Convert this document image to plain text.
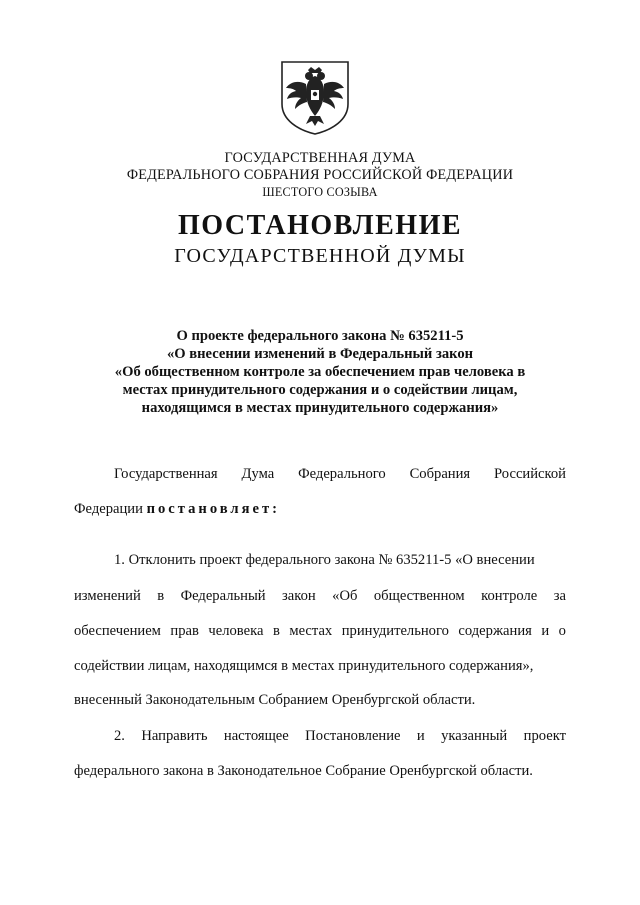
ГОСУДАРСТВЕННАЯ ДУМА
ФЕДЕРАЛЬНОГО СОБРАНИЯ РОССИЙСКОЙ ФЕДЕРАЦИИ
ШЕСТОГО СОЗЫВА
ПОСТАНОВЛЕНИЕ
ГОСУДАРСТВЕННОЙ ДУМЫ
О проекте федерального закона № 635211-5
«О внесении изменений в Федеральный закон
«Об общественном контроле за обеспечением прав человека в
местах принудительного содержания и о содействии лицам,
находящимся в местах принудительного содержания»
Государственная Дума Федерального Собрания Российской
Федерации постановляет:
1. Отклонить проект федерального закона № 635211-5 «О внесении
изменений в Федеральный закон «Об общественном контроле за
обеспечением прав человека в местах принудительного содержания и о
содействии лицам, находящимся в местах принудительного содержания»,
внесенный Законодательным Собранием Оренбургской области.
2. Направить настоящее Постановление и указанный проект
федерального закона в Законодательное Собрание Оренбургской области.
